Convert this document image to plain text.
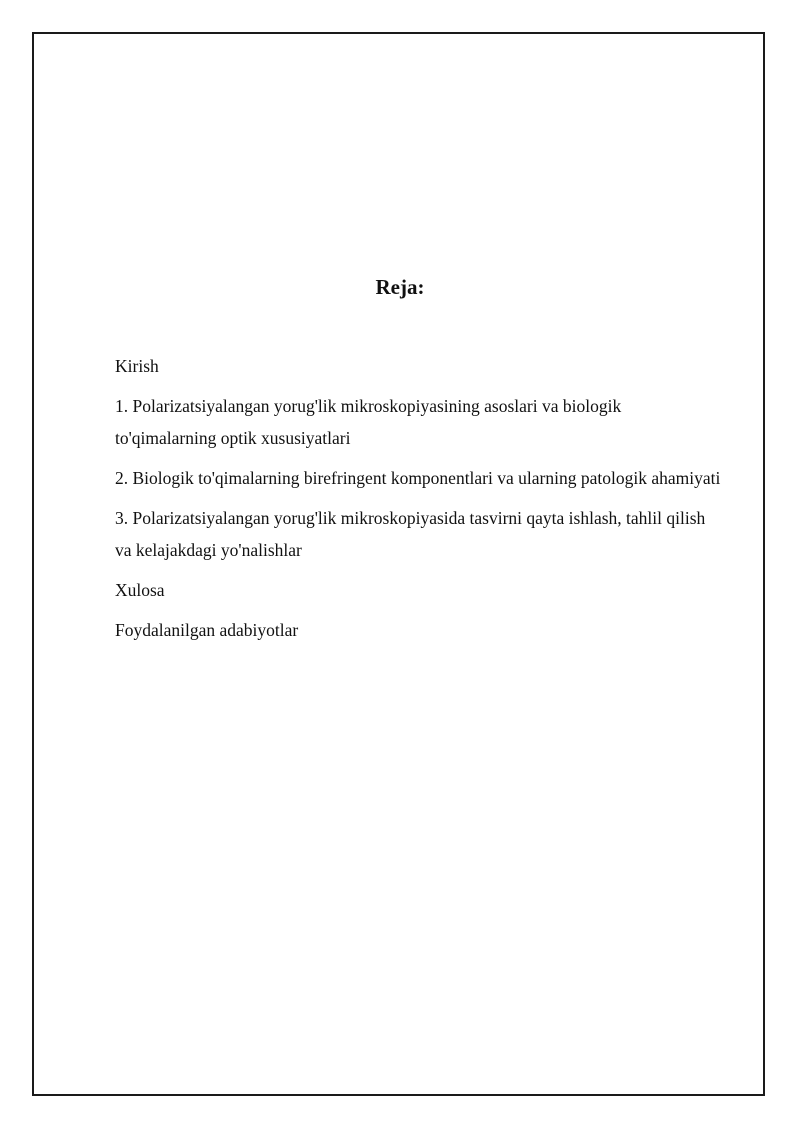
Reja:
Kirish
1. Polarizatsiyalangan yorug'lik mikroskopiyasining asoslari va biologik to'qimalarning optik xususiyatlari
2. Biologik to'qimalarning birefringent komponentlari va ularning patologik ahamiyati
3. Polarizatsiyalangan yorug'lik mikroskopiyasida tasvirni qayta ishlash, tahlil qilish va kelajakdagi yo'nalishlar
Xulosa
Foydalanilgan adabiyotlar
